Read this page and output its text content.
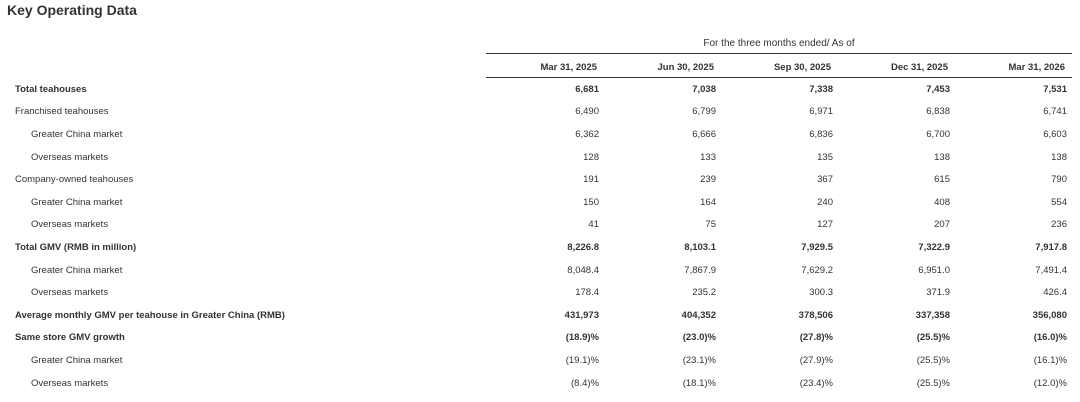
Key Operating Data
For the three months ended/ As of
	Mar 31, 2025	Jun 30, 2025	Sep 30, 2025	Dec 31, 2025	Mar 31, 2026
Total teahouses	6,681	7,038	7,338	7,453	7,531
Franchised teahouses	6,490	6,799	6,971	6,838	6,741
Greater China market	6,362	6,666	6,836	6,700	6,603
Overseas markets	128	133	135	138	138
Company-owned teahouses	191	239	367	615	790
Greater China market	150	164	240	408	554
Overseas markets	41	75	127	207	236
Total GMV (RMB in million)	8,226.8	8,103.1	7,929.5	7,322.9	7,917.8
Greater China market	8,048.4	7,867.9	7,629.2	6,951.0	7,491.4
Overseas markets	178.4	235.2	300.3	371.9	426.4
Average monthly GMV per teahouse in Greater China (RMB)	431,973	404,352	378,506	337,358	356,080
Same store GMV growth	(18.9)%	(23.0)%	(27.8)%	(25.5)%	(16.0)%
Greater China market	(19.1)%	(23.1)%	(27.9)%	(25.5)%	(16.1)%
Overseas markets	(8.4)%	(18.1)%	(23.4)%	(25.5)%	(12.0)%
